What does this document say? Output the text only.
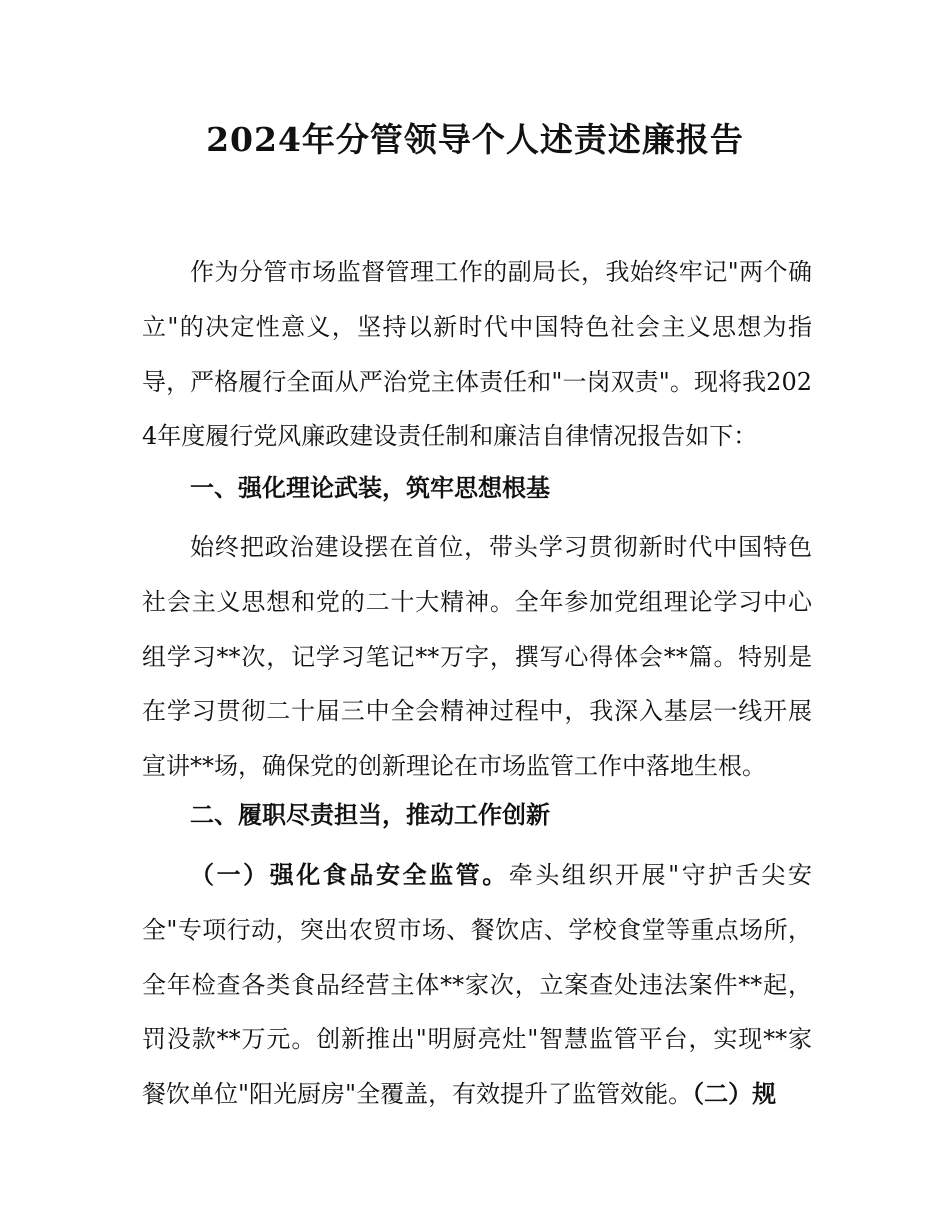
2024年分管领导个人述责述廉报告
作为分管市场监督管理工作的副局长，我始终牢记"两个确立"的决定性意义，坚持以新时代中国特色社会主义思想为指导，严格履行全面从严治党主体责任和"一岗双责"。现将我2024年度履行党风廉政建设责任制和廉洁自律情况报告如下：
一、强化理论武装，筑牢思想根基
始终把政治建设摆在首位，带头学习贯彻新时代中国特色社会主义思想和党的二十大精神。全年参加党组理论学习中心组学习**次，记学习笔记**万字，撰写心得体会**篇。特别是在学习贯彻二十届三中全会精神过程中，我深入基层一线开展宣讲**场，确保党的创新理论在市场监管工作中落地生根。
二、履职尽责担当，推动工作创新
（一）强化食品安全监管。牵头组织开展"守护舌尖安全"专项行动，突出农贸市场、餐饮店、学校食堂等重点场所，全年检查各类食品经营主体**家次，立案查处违法案件**起，罚没款**万元。创新推出"明厨亮灶"智慧监管平台，实现**家餐饮单位"阳光厨房"全覆盖，有效提升了监管效能。（二）规
